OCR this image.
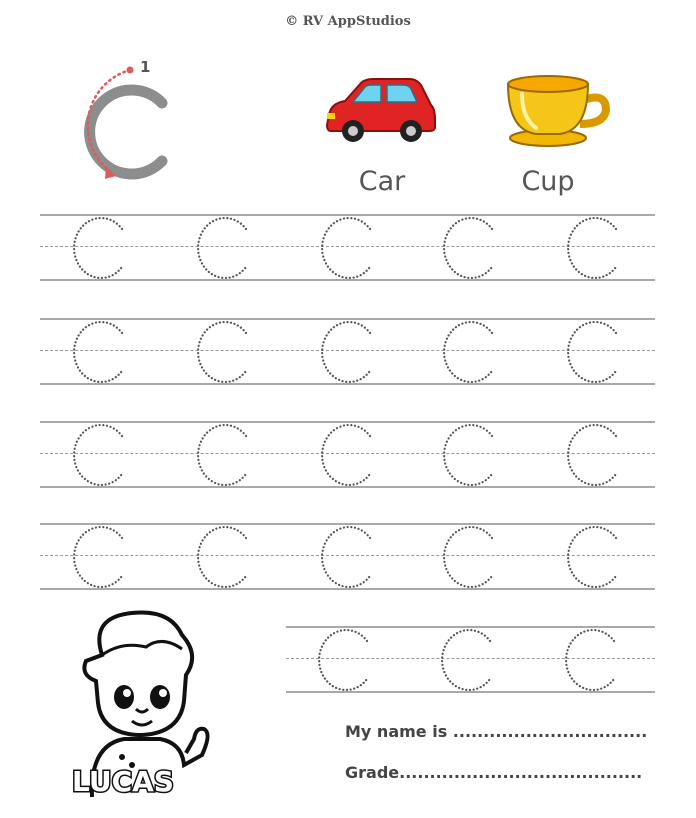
© RV AppStudios
1
Car	Cup
LUCAS
My name is ................................
Grade........................................
